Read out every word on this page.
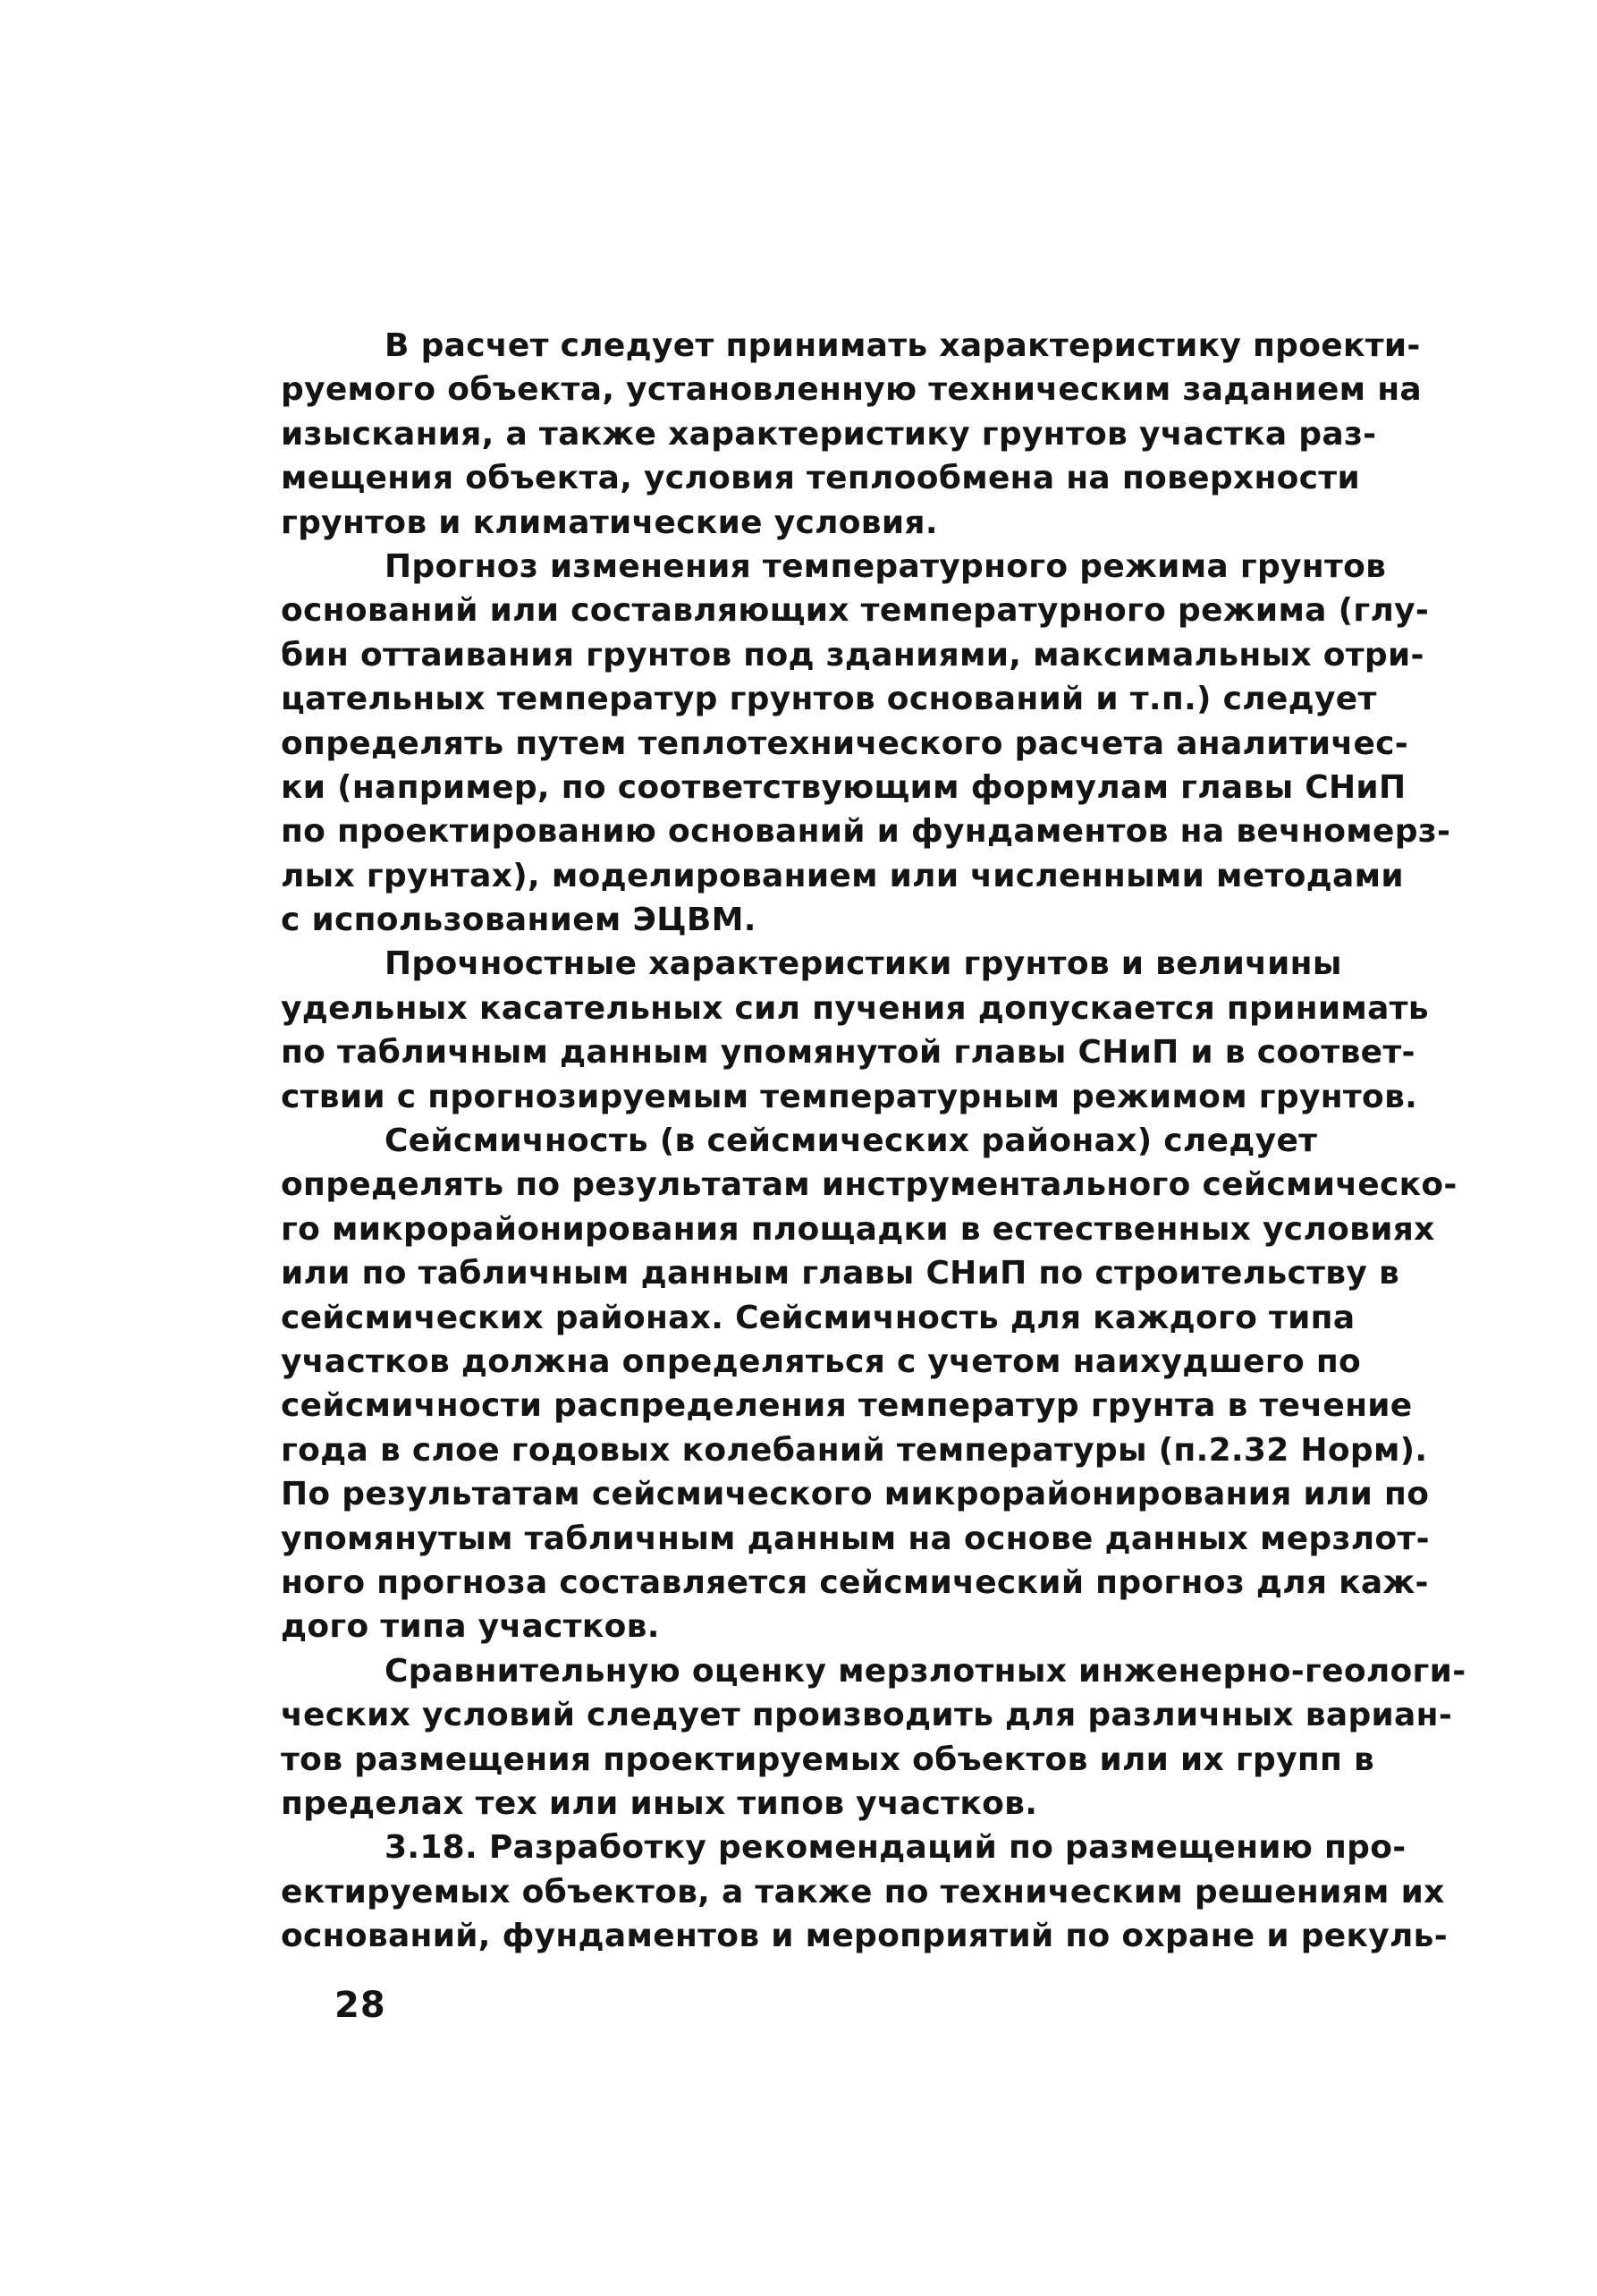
В расчет следует принимать характеристику проекти-
руемого объекта, установленную техническим заданием на
изыскания, а также характеристику грунтов участка раз-
мещения объекта, условия теплообмена на поверхности
грунтов и климатические условия.
Прогноз изменения температурного режима грунтов
оснований или составляющих температурного режима (глу-
бин оттаивания грунтов под зданиями, максимальных отри-
цательных температур грунтов оснований и т.п.) следует
определять путем теплотехнического расчета аналитичес-
ки (например, по соответствующим формулам главы СНиП
по проектированию оснований и фундаментов на вечномерз-
лых грунтах), моделированием или численными методами
с использованием ЭЦВМ.
Прочностные характеристики грунтов и величины
удельных касательных сил пучения допускается принимать
по табличным данным упомянутой главы СНиП и в соответ-
ствии с прогнозируемым температурным режимом грунтов.
Сейсмичность (в сейсмических районах) следует
определять по результатам инструментального сейсмическо-
го микрорайонирования площадки в естественных условиях
или по табличным данным главы СНиП по строительству в
сейсмических районах. Сейсмичность для каждого типа
участков должна определяться с учетом наихудшего по
сейсмичности распределения температур грунта в течение
года в слое годовых колебаний температуры (п.2.32 Норм).
По результатам сейсмического микрорайонирования или по
упомянутым табличным данным на основе данных мерзлот-
ного прогноза составляется сейсмический прогноз для каж-
дого типа участков.
Сравнительную оценку мерзлотных инженерно-геологи-
ческих условий следует производить для различных вариан-
тов размещения проектируемых объектов или их групп в
пределах тех или иных типов участков.
3.18. Разработку рекомендаций по размещению про-
ектируемых объектов, а также по техническим решениям их
оснований, фундаментов и мероприятий по охране и рекуль-
28
